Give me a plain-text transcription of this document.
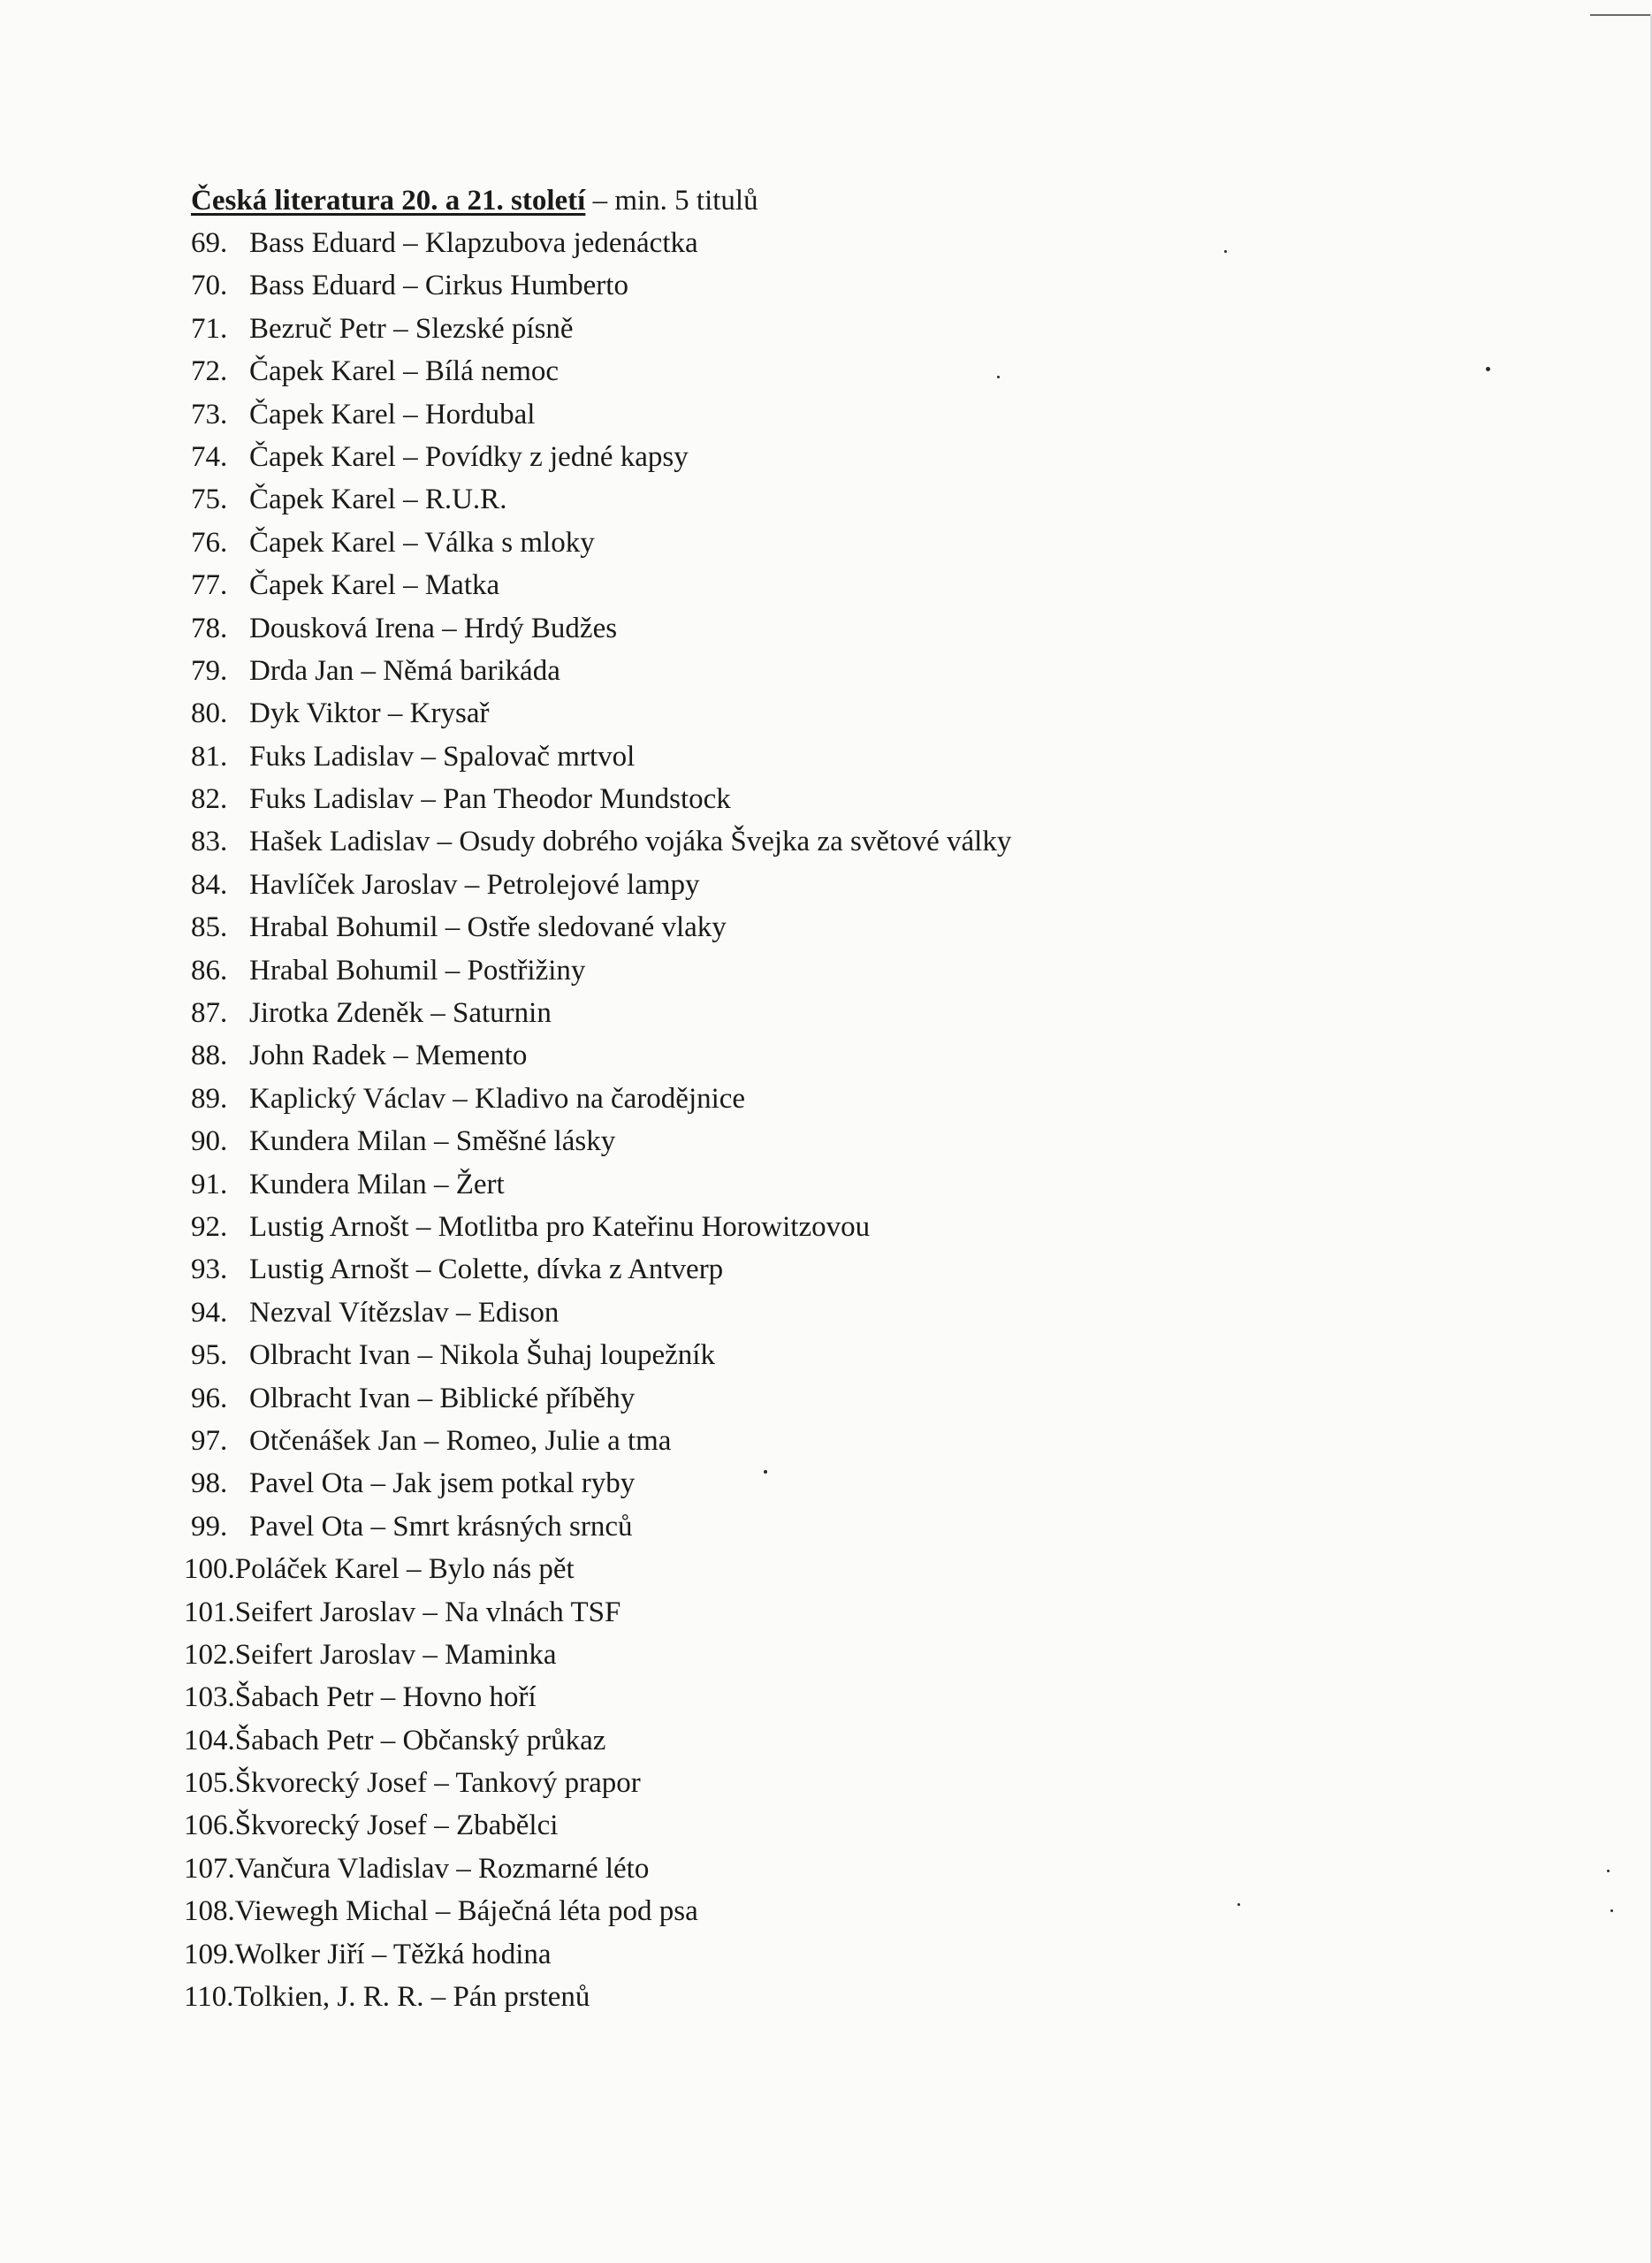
Česká literatura 20. a 21. století – min. 5 titulů
69. Bass Eduard – Klapzubova jedenáctka
70. Bass Eduard – Cirkus Humberto
71. Bezruč Petr – Slezské písně
72. Čapek Karel – Bílá nemoc
73. Čapek Karel – Hordubal
74. Čapek Karel – Povídky z jedné kapsy
75. Čapek Karel – R.U.R.
76. Čapek Karel – Válka s mloky
77. Čapek Karel – Matka
78. Dousková Irena – Hrdý Budžes
79. Drda Jan – Němá barikáda
80. Dyk Viktor – Krysař
81. Fuks Ladislav – Spalovač mrtvol
82. Fuks Ladislav – Pan Theodor Mundstock
83. Hašek Ladislav – Osudy dobrého vojáka Švejka za světové války
84. Havlíček Jaroslav – Petrolejové lampy
85. Hrabal Bohumil – Ostře sledované vlaky
86. Hrabal Bohumil – Postřižiny
87. Jirotka Zdeněk – Saturnin
88. John Radek – Memento
89. Kaplický Václav – Kladivo na čarodějnice
90. Kundera Milan – Směšné lásky
91. Kundera Milan – Žert
92. Lustig Arnošt – Motlitba pro Kateřinu Horowitzovou
93. Lustig Arnošt – Colette, dívka z Antverp
94. Nezval Vítězslav – Edison
95. Olbracht Ivan – Nikola Šuhaj loupežník
96. Olbracht Ivan – Biblické příběhy
97. Otčenášek Jan – Romeo, Julie a tma
98. Pavel Ota – Jak jsem potkal ryby
99. Pavel Ota – Smrt krásných srnců
100. Poláček Karel – Bylo nás pět
101. Seifert Jaroslav – Na vlnách TSF
102. Seifert Jaroslav – Maminka
103. Šabach Petr – Hovno hoří
104. Šabach Petr – Občanský průkaz
105. Škvorecký Josef – Tankový prapor
106. Škvorecký Josef – Zbabělci
107. Vančura Vladislav – Rozmarné léto
108. Viewegh Michal – Báječná léta pod psa
109. Wolker Jiří – Těžká hodina
110. Tolkien, J. R. R. – Pán prstenů
